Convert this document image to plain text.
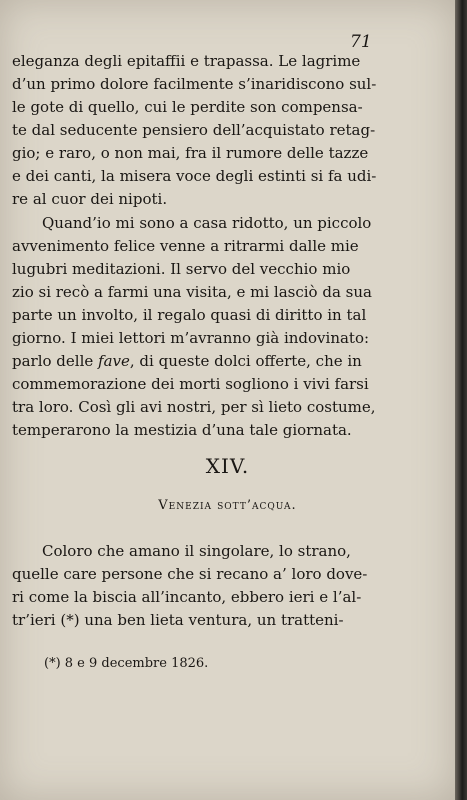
71
eleganza degli epitaffii e trapassa. Le lagrime
d’un primo dolore facilmente s’inaridiscono sul-
le gote di quello, cui le perdite son compensa-
te dal seducente pensiero dell’acquistato retag-
gio; e raro, o non mai, fra il rumore delle tazze
e dei canti, la misera voce degli estinti si fa udi-
re al cuor dei nipoti.
Quand’io mi sono a casa ridotto, un piccolo
avvenimento felice venne a ritrarmi dalle mie
lugubri meditazioni. Il servo del vecchio mio
zio si recò a farmi una visita, e mi lasciò da sua
parte un involto, il regalo quasi di diritto in tal
giorno. I miei lettori m’avranno già indovinato:
parlo delle fave, di queste dolci offerte, che in
commemorazione dei morti sogliono i vivi farsi
tra loro. Così gli avi nostri, per sì lieto costume,
temperarono la mestizia d’una tale giornata.
XIV.
Venezia sott’acqua.
Coloro che amano il singolare, lo strano,
quelle care persone che si recano a’ loro dove-
ri come la biscia all’incanto, ebbero ieri e l’al-
tr’ieri (*) una ben lieta ventura, un tratteni-
(*) 8 e 9 decembre 1826.
